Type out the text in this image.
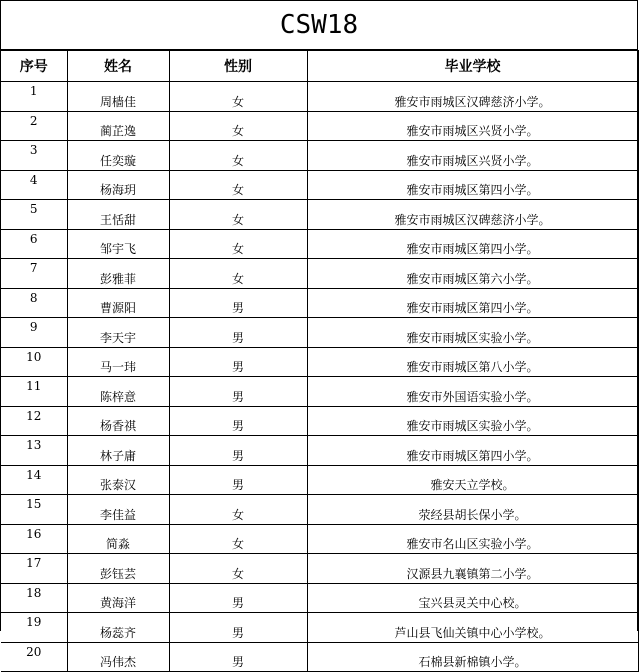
CSW18
序号	姓名	性别	毕业学校
1	周樯佳	女	雅安市雨城区汉碑慈济小学。
2	蔺芷逸	女	雅安市雨城区兴贤小学。
3	任奕璇	女	雅安市雨城区兴贤小学。
4	杨海玥	女	雅安市雨城区第四小学。
5	王恬甜	女	雅安市雨城区汉碑慈济小学。
6	邹宇飞	女	雅安市雨城区第四小学。
7	彭雅菲	女	雅安市雨城区第六小学。
8	曹源阳	男	雅安市雨城区第四小学。
9	李天宇	男	雅安市雨城区实验小学。
10	马一玮	男	雅安市雨城区第八小学。
11	陈梓意	男	雅安市外国语实验小学。
12	杨香祺	男	雅安市雨城区实验小学。
13	林子庸	男	雅安市雨城区第四小学。
14	张泰汉	男	雅安天立学校。
15	李佳益	女	荥经县胡长保小学。
16	简淼	女	雅安市名山区实验小学。
17	彭钰芸	女	汉源县九襄镇第二小学。
18	黄海洋	男	宝兴县灵关中心校。
19	杨蕊齐	男	芦山县飞仙关镇中心小学校。
20	冯伟杰	男	石棉县新棉镇小学。
